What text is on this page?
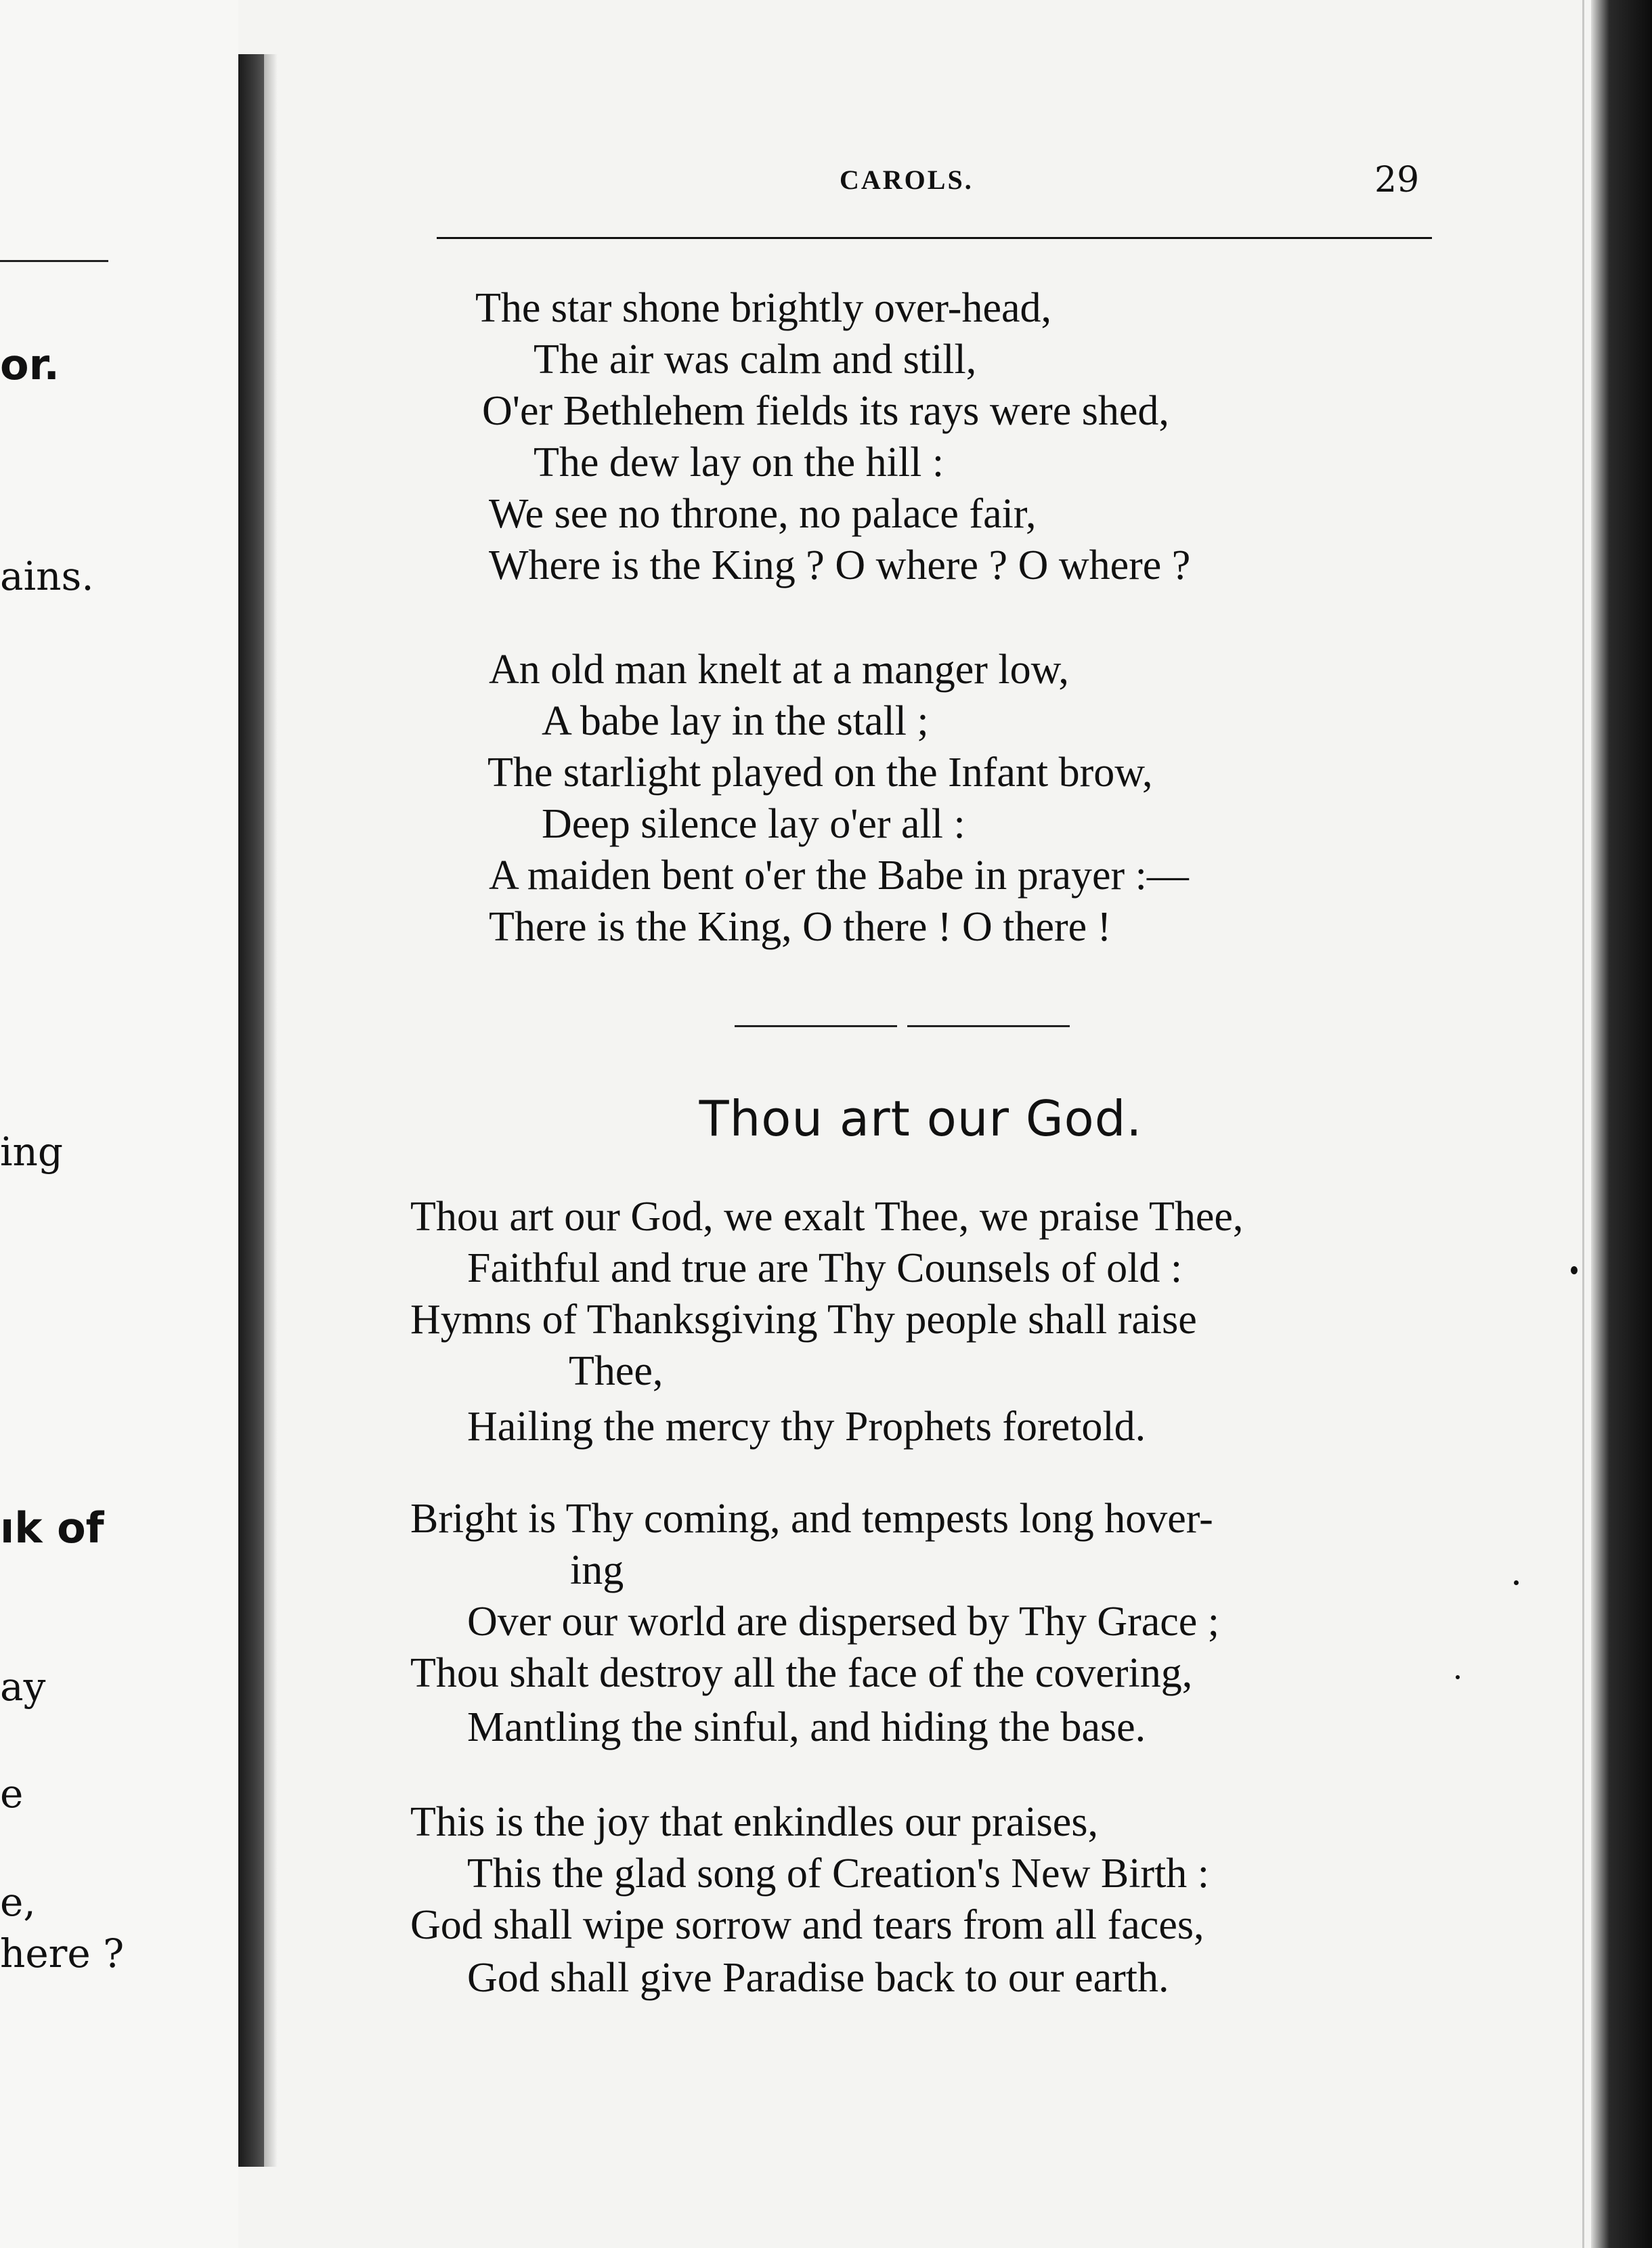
or.
ains.
ing
ık of
ay
e
e,
here ?
CAROLS.	29
The star shone brightly over-head,
The air was calm and still,
O'er Bethlehem fields its rays were shed,
The dew lay on the hill :
We see no throne, no palace fair,
Where is the King ? O where ? O where ?
An old man knelt at a manger low,
A babe lay in the stall ;
The starlight played on the Infant brow,
Deep silence lay o'er all :
A maiden bent o'er the Babe in prayer :—
There is the King, O there ! O there !
Thou art our God.
Thou art our God, we exalt Thee, we praise Thee,
Faithful and true are Thy Counsels of old :
Hymns of Thanksgiving Thy people shall raise
Thee,
Hailing the mercy thy Prophets foretold.
Bright is Thy coming, and tempests long hover-
ing
Over our world are dispersed by Thy Grace ;
Thou shalt destroy all the face of the covering,
Mantling the sinful, and hiding the base.
This is the joy that enkindles our praises,
This the glad song of Creation's New Birth :
God shall wipe sorrow and tears from all faces,
God shall give Paradise back to our earth.
